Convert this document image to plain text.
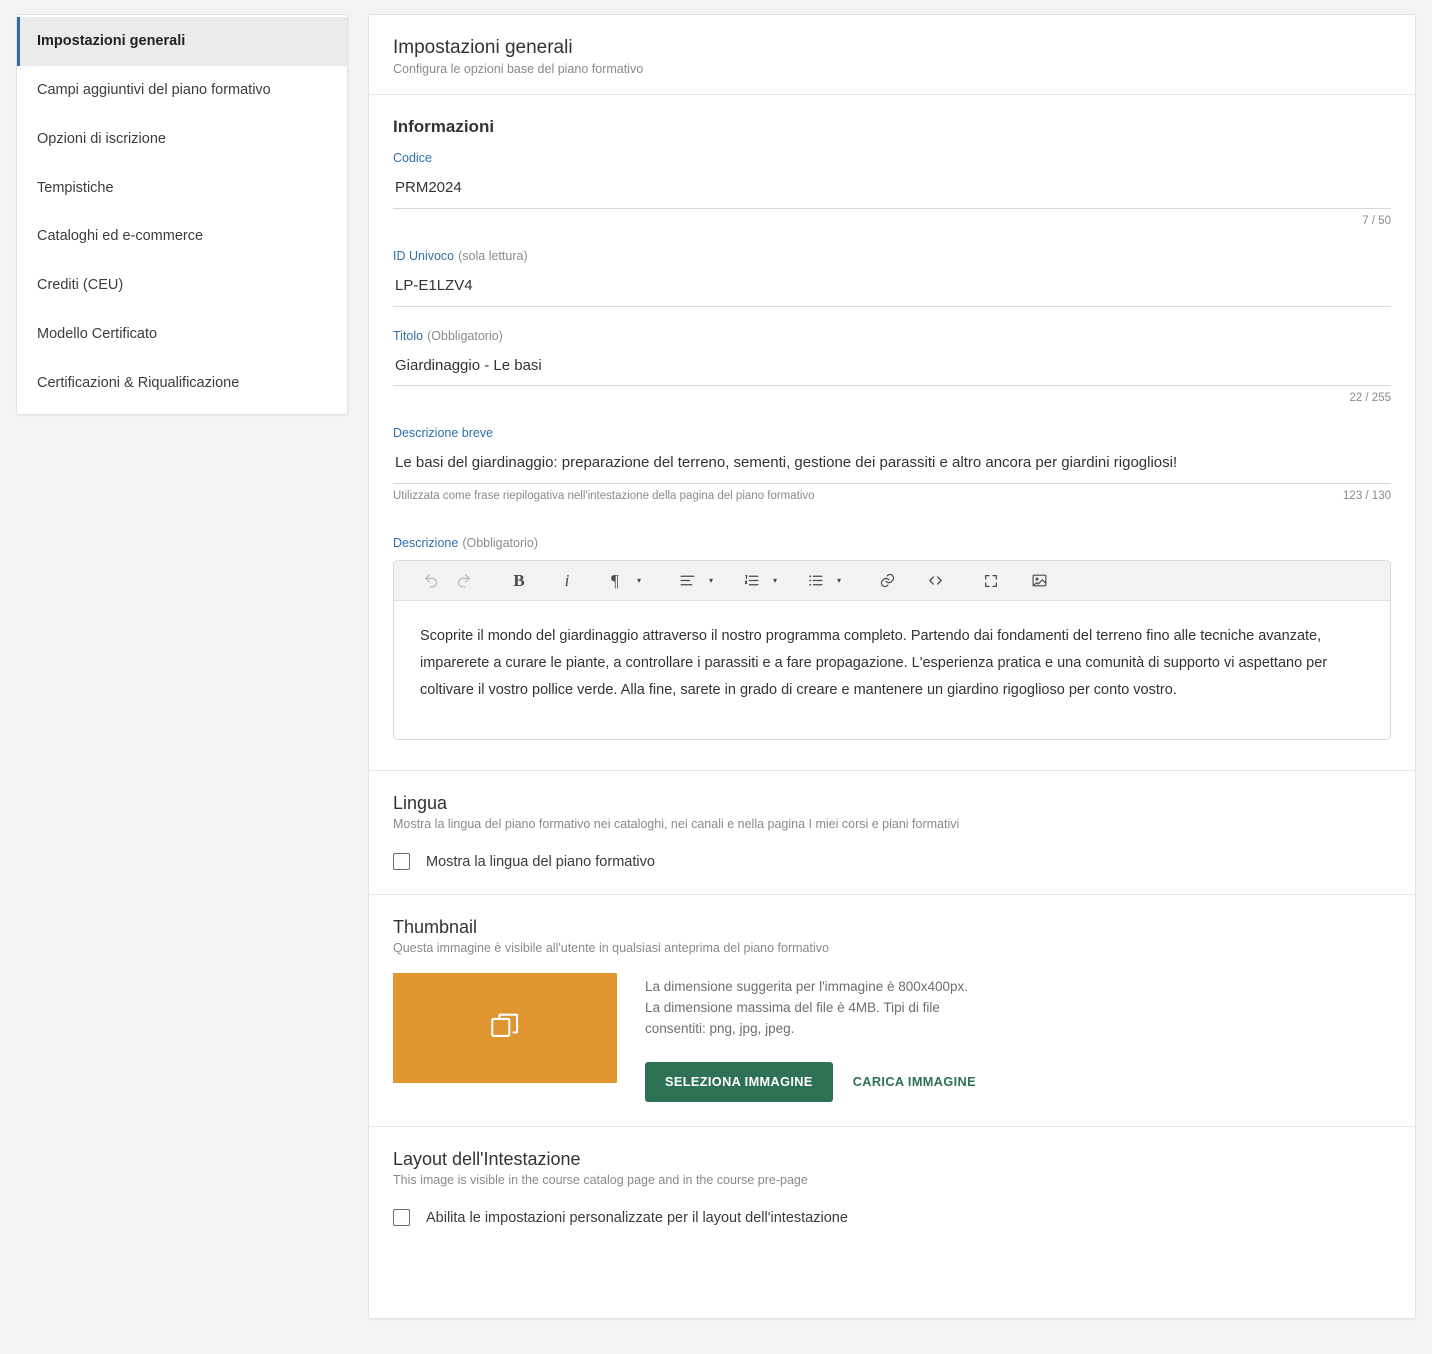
Impostazioni generali
Campi aggiuntivi del piano formativo
Opzioni di iscrizione
Tempistiche
Cataloghi ed e-commerce
Crediti (CEU)
Modello Certificato
Certificazioni & Riqualificazione
Impostazioni generali

Configura le opzioni base del piano formativo

Informazioni
Codice
PRM2024
7 / 50
ID Univoco (sola lettura)
LP-E1LZV4
Titolo (Obbligatorio)
Giardinaggio - Le basi
22 / 255
Descrizione breve
Le basi del giardinaggio: preparazione del terreno, sementi, gestione dei parassiti e altro ancora per giardini rigogliosi!
Utilizzata come frase riepilogativa nell'intestazione della pagina del piano formativo	123 / 130
Descrizione (Obbligatorio)
B	i	¶	▾	▾	▾	▾
Scoprite il mondo del giardinaggio attraverso il nostro programma completo. Partendo dai fondamenti del terreno fino alle tecniche avanzate, imparerete a curare le piante, a controllare i parassiti e a fare propagazione. L'esperienza pratica e una comunità di supporto vi aspettano per coltivare il vostro pollice verde. Alla fine, sarete in grado di creare e mantenere un giardino rigoglioso per conto vostro.
Lingua

Mostra la lingua del piano formativo nei cataloghi, nei canali e nella pagina I miei corsi e piani formativi

Mostra la lingua del piano formativo
Thumbnail

Questa immagine è visibile all'utente in qualsiasi anteprima del piano formativo

La dimensione suggerita per l'immagine è 800x400px.

La dimensione massima del file è 4MB. Tipi di file

consentiti: png, jpg, jpeg.

SELEZIONA IMMAGINE	CARICA IMMAGINE
Layout dell'Intestazione

This image is visible in the course catalog page and in the course pre-page

Abilita le impostazioni personalizzate per il layout dell'intestazione
